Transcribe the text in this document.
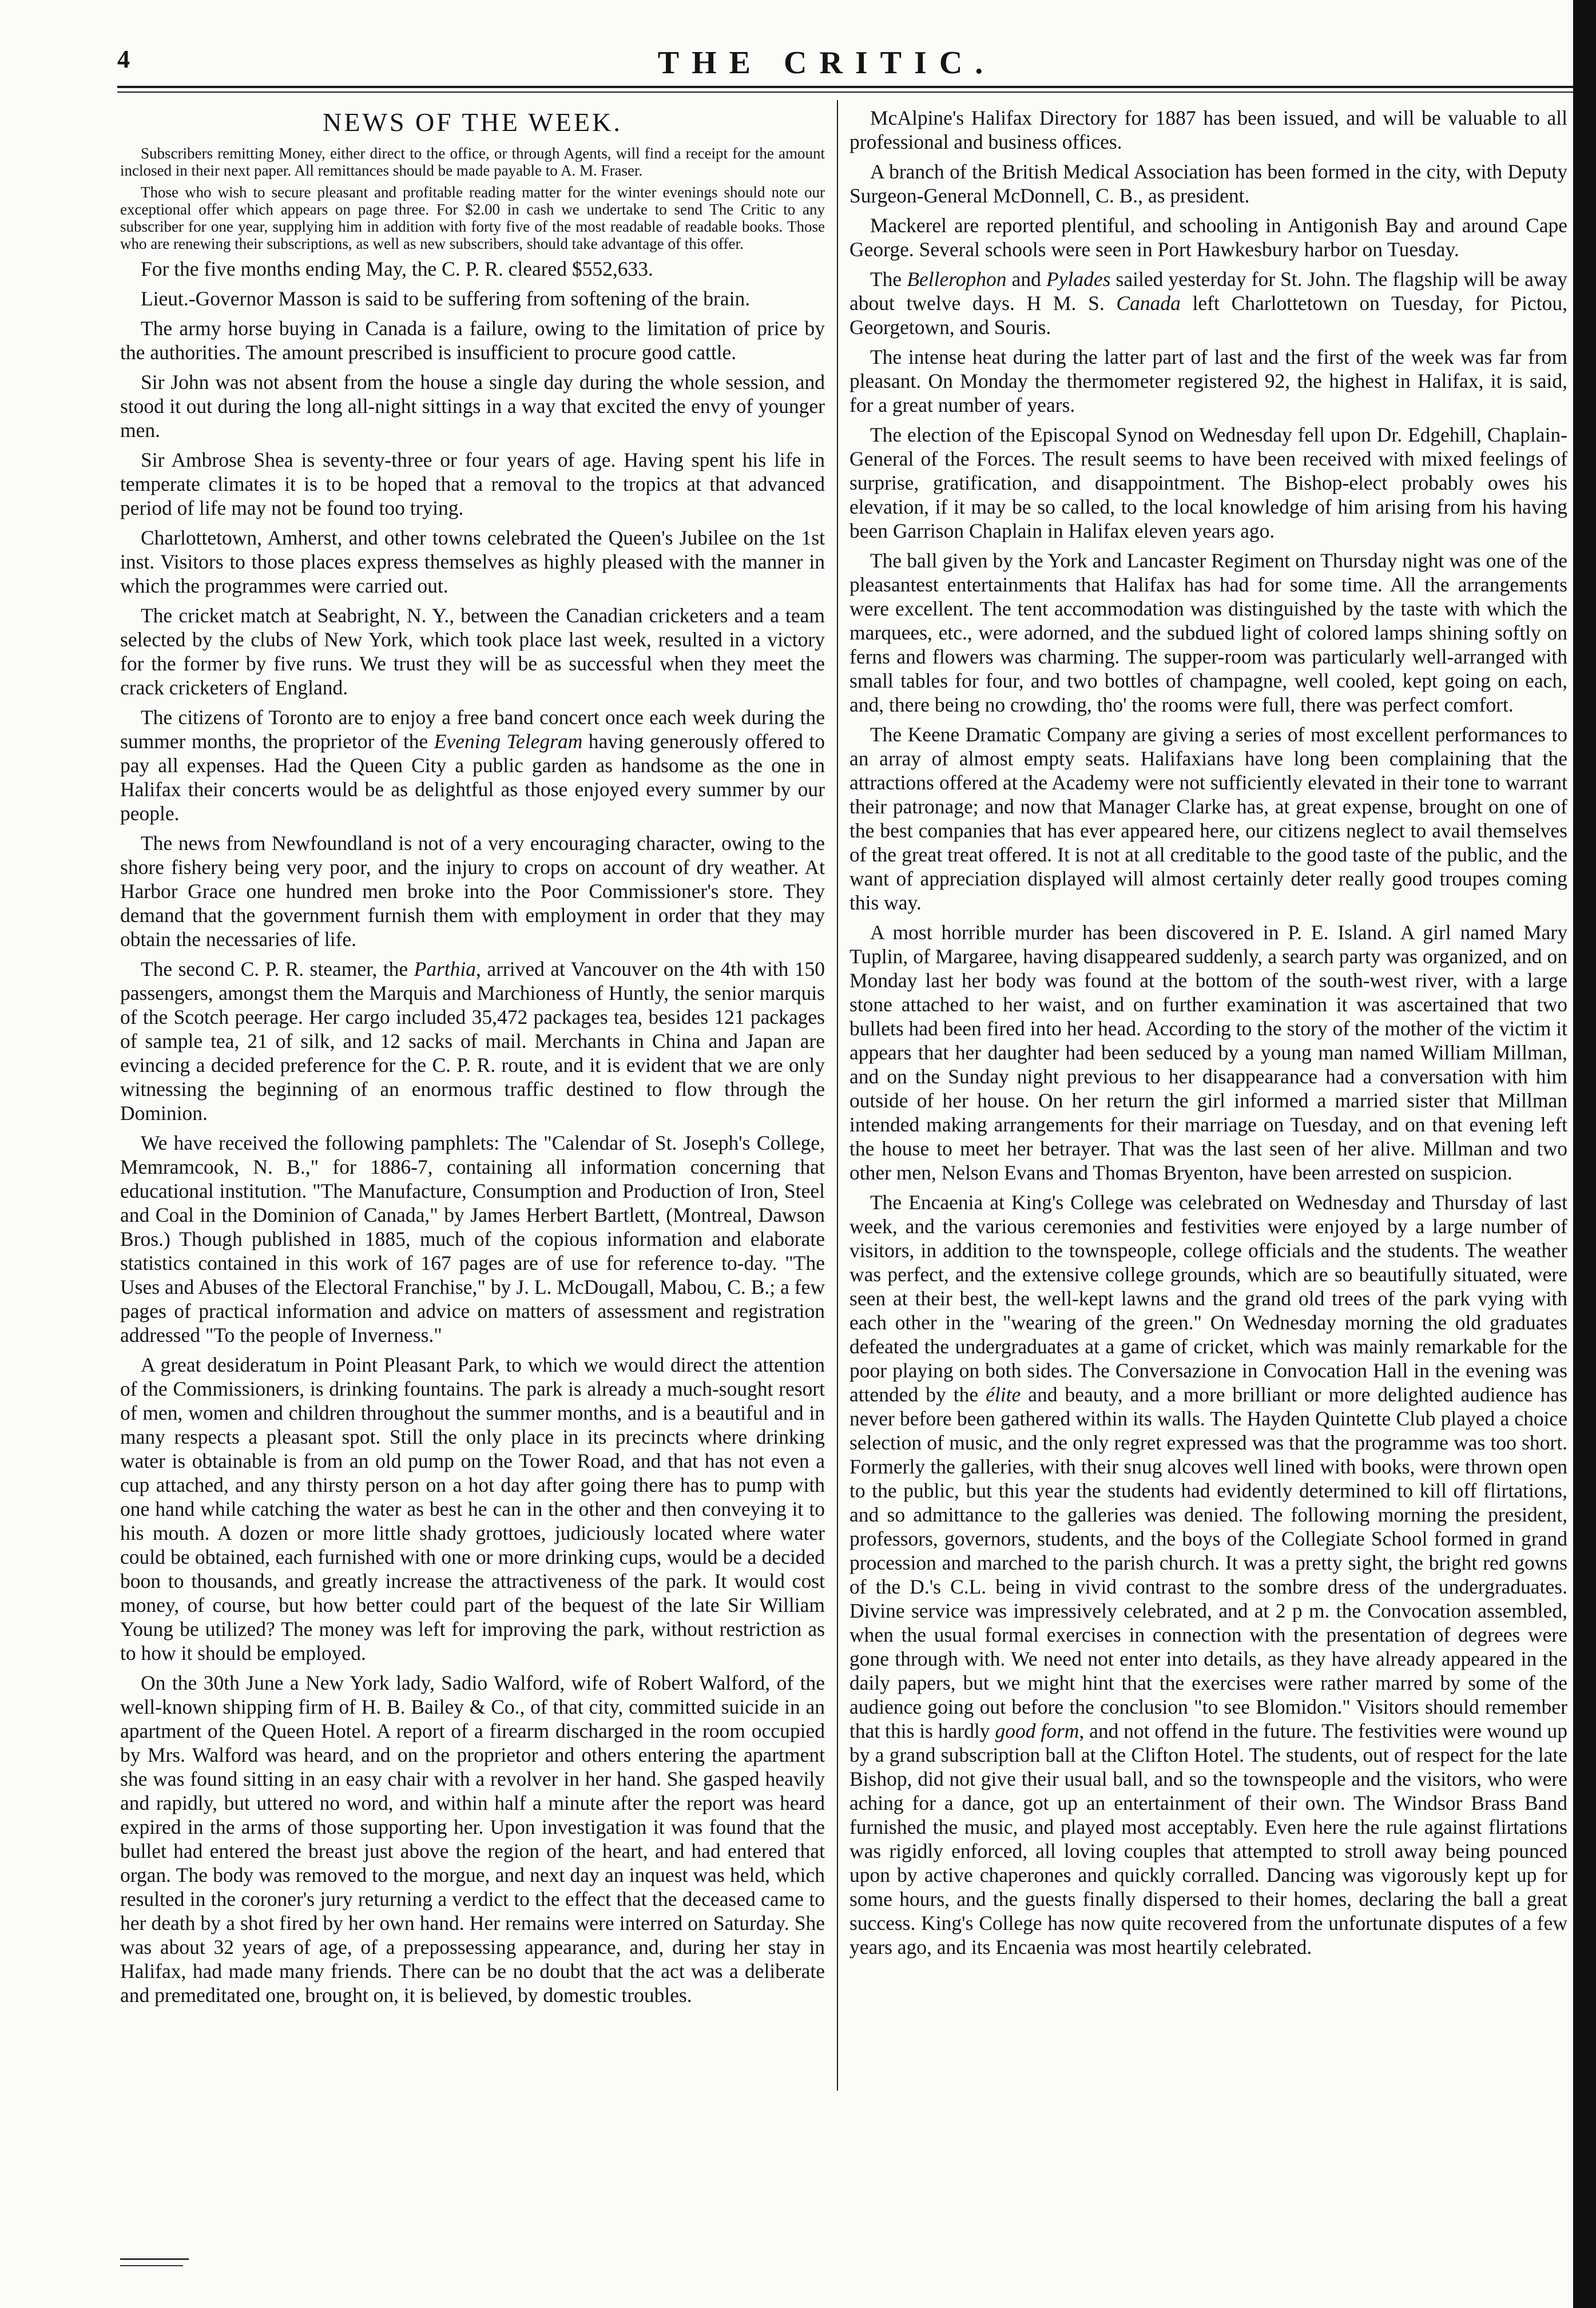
4	THE CRITIC.
NEWS OF THE WEEK.

Subscribers remitting Money, either direct to the office, or through Agents, will find a receipt for the amount inclosed in their next paper. All remittances should be made payable to A. M. Fraser.

Those who wish to secure pleasant and profitable reading matter for the winter evenings should note our exceptional offer which appears on page three. For $2.00 in cash we undertake to send The Critic to any subscriber for one year, supplying him in addition with forty five of the most readable of readable books. Those who are renewing their subscriptions, as well as new subscribers, should take advantage of this offer.

For the five months ending May, the C. P. R. cleared $552,633.

Lieut.-Governor Masson is said to be suffering from softening of the brain.

The army horse buying in Canada is a failure, owing to the limitation of price by the authorities. The amount prescribed is insufficient to procure good cattle.

Sir John was not absent from the house a single day during the whole session, and stood it out during the long all-night sittings in a way that excited the envy of younger men.

Sir Ambrose Shea is seventy-three or four years of age. Having spent his life in temperate climates it is to be hoped that a removal to the tropics at that advanced period of life may not be found too trying.

Charlottetown, Amherst, and other towns celebrated the Queen's Jubilee on the 1st inst. Visitors to those places express themselves as highly pleased with the manner in which the programmes were carried out.

The cricket match at Seabright, N. Y., between the Canadian cricketers and a team selected by the clubs of New York, which took place last week, resulted in a victory for the former by five runs. We trust they will be as successful when they meet the crack cricketers of England.

The citizens of Toronto are to enjoy a free band concert once each week during the summer months, the proprietor of the Evening Telegram having generously offered to pay all expenses. Had the Queen City a public garden as handsome as the one in Halifax their concerts would be as delightful as those enjoyed every summer by our people.

The news from Newfoundland is not of a very encouraging character, owing to the shore fishery being very poor, and the injury to crops on account of dry weather. At Harbor Grace one hundred men broke into the Poor Commissioner's store. They demand that the government furnish them with employment in order that they may obtain the necessaries of life.

The second C. P. R. steamer, the Parthia, arrived at Vancouver on the 4th with 150 passengers, amongst them the Marquis and Marchioness of Huntly, the senior marquis of the Scotch peerage. Her cargo included 35,472 packages tea, besides 121 packages of sample tea, 21 of silk, and 12 sacks of mail. Merchants in China and Japan are evincing a decided preference for the C. P. R. route, and it is evident that we are only witnessing the beginning of an enormous traffic destined to flow through the Dominion.

We have received the following pamphlets: The "Calendar of St. Joseph's College, Memramcook, N. B.," for 1886-7, containing all information concerning that educational institution. "The Manufacture, Consumption and Production of Iron, Steel and Coal in the Dominion of Canada," by James Herbert Bartlett, (Montreal, Dawson Bros.) Though published in 1885, much of the copious information and elaborate statistics contained in this work of 167 pages are of use for reference to-day. "The Uses and Abuses of the Electoral Franchise," by J. L. McDougall, Mabou, C. B.; a few pages of practical information and advice on matters of assessment and registration addressed "To the people of Inverness."

A great desideratum in Point Pleasant Park, to which we would direct the attention of the Commissioners, is drinking fountains. The park is already a much-sought resort of men, women and children throughout the summer months, and is a beautiful and in many respects a pleasant spot. Still the only place in its precincts where drinking water is obtainable is from an old pump on the Tower Road, and that has not even a cup attached, and any thirsty person on a hot day after going there has to pump with one hand while catching the water as best he can in the other and then conveying it to his mouth. A dozen or more little shady grottoes, judiciously located where water could be obtained, each furnished with one or more drinking cups, would be a decided boon to thousands, and greatly increase the attractiveness of the park. It would cost money, of course, but how better could part of the bequest of the late Sir William Young be utilized? The money was left for improving the park, without restriction as to how it should be employed.

On the 30th June a New York lady, Sadio Walford, wife of Robert Walford, of the well-known shipping firm of H. B. Bailey & Co., of that city, committed suicide in an apartment of the Queen Hotel. A report of a firearm discharged in the room occupied by Mrs. Walford was heard, and on the proprietor and others entering the apartment she was found sitting in an easy chair with a revolver in her hand. She gasped heavily and rapidly, but uttered no word, and within half a minute after the report was heard expired in the arms of those supporting her. Upon investigation it was found that the bullet had entered the breast just above the region of the heart, and had entered that organ. The body was removed to the morgue, and next day an inquest was held, which resulted in the coroner's jury returning a verdict to the effect that the deceased came to her death by a shot fired by her own hand. Her remains were interred on Saturday. She was about 32 years of age, of a prepossessing appearance, and, during her stay in Halifax, had made many friends. There can be no doubt that the act was a deliberate and premeditated one, brought on, it is believed, by domestic troubles.

McAlpine's Halifax Directory for 1887 has been issued, and will be valuable to all professional and business offices.

A branch of the British Medical Association has been formed in the city, with Deputy Surgeon-General McDonnell, C. B., as president.

Mackerel are reported plentiful, and schooling in Antigonish Bay and around Cape George. Several schools were seen in Port Hawkesbury harbor on Tuesday.

The Bellerophon and Pylades sailed yesterday for St. John. The flagship will be away about twelve days. H M. S. Canada left Charlottetown on Tuesday, for Pictou, Georgetown, and Souris.

The intense heat during the latter part of last and the first of the week was far from pleasant. On Monday the thermometer registered 92, the highest in Halifax, it is said, for a great number of years.

The election of the Episcopal Synod on Wednesday fell upon Dr. Edgehill, Chaplain-General of the Forces. The result seems to have been received with mixed feelings of surprise, gratification, and disappointment. The Bishop-elect probably owes his elevation, if it may be so called, to the local knowledge of him arising from his having been Garrison Chaplain in Halifax eleven years ago.

The ball given by the York and Lancaster Regiment on Thursday night was one of the pleasantest entertainments that Halifax has had for some time. All the arrangements were excellent. The tent accommodation was distinguished by the taste with which the marquees, etc., were adorned, and the subdued light of colored lamps shining softly on ferns and flowers was charming. The supper-room was particularly well-arranged with small tables for four, and two bottles of champagne, well cooled, kept going on each, and, there being no crowding, tho' the rooms were full, there was perfect comfort.

The Keene Dramatic Company are giving a series of most excellent performances to an array of almost empty seats. Halifaxians have long been complaining that the attractions offered at the Academy were not sufficiently elevated in their tone to warrant their patronage; and now that Manager Clarke has, at great expense, brought on one of the best companies that has ever appeared here, our citizens neglect to avail themselves of the great treat offered. It is not at all creditable to the good taste of the public, and the want of appreciation displayed will almost certainly deter really good troupes coming this way.

A most horrible murder has been discovered in P. E. Island. A girl named Mary Tuplin, of Margaree, having disappeared suddenly, a search party was organized, and on Monday last her body was found at the bottom of the south-west river, with a large stone attached to her waist, and on further examination it was ascertained that two bullets had been fired into her head. According to the story of the mother of the victim it appears that her daughter had been seduced by a young man named William Millman, and on the Sunday night previous to her disappearance had a conversation with him outside of her house. On her return the girl informed a married sister that Millman intended making arrangements for their marriage on Tuesday, and on that evening left the house to meet her betrayer. That was the last seen of her alive. Millman and two other men, Nelson Evans and Thomas Bryenton, have been arrested on suspicion.

The Encaenia at King's College was celebrated on Wednesday and Thursday of last week, and the various ceremonies and festivities were enjoyed by a large number of visitors, in addition to the townspeople, college officials and the students. The weather was perfect, and the extensive college grounds, which are so beautifully situated, were seen at their best, the well-kept lawns and the grand old trees of the park vying with each other in the "wearing of the green." On Wednesday morning the old graduates defeated the undergraduates at a game of cricket, which was mainly remarkable for the poor playing on both sides. The Conversazione in Convocation Hall in the evening was attended by the élite and beauty, and a more brilliant or more delighted audience has never before been gathered within its walls. The Hayden Quintette Club played a choice selection of music, and the only regret expressed was that the programme was too short. Formerly the galleries, with their snug alcoves well lined with books, were thrown open to the public, but this year the students had evidently determined to kill off flirtations, and so admittance to the galleries was denied. The following morning the president, professors, governors, students, and the boys of the Collegiate School formed in grand procession and marched to the parish church. It was a pretty sight, the bright red gowns of the D.'s C.L. being in vivid contrast to the sombre dress of the undergraduates. Divine service was impressively celebrated, and at 2 p m. the Convocation assembled, when the usual formal exercises in connection with the presentation of degrees were gone through with. We need not enter into details, as they have already appeared in the daily papers, but we might hint that the exercises were rather marred by some of the audience going out before the conclusion "to see Blomidon." Visitors should remember that this is hardly good form, and not offend in the future. The festivities were wound up by a grand subscription ball at the Clifton Hotel. The students, out of respect for the late Bishop, did not give their usual ball, and so the townspeople and the visitors, who were aching for a dance, got up an entertainment of their own. The Windsor Brass Band furnished the music, and played most acceptably. Even here the rule against flirtations was rigidly enforced, all loving couples that attempted to stroll away being pounced upon by active chaperones and quickly corralled. Dancing was vigorously kept up for some hours, and the guests finally dispersed to their homes, declaring the ball a great success. King's College has now quite recovered from the unfortunate disputes of a few years ago, and its Encaenia was most heartily celebrated.
